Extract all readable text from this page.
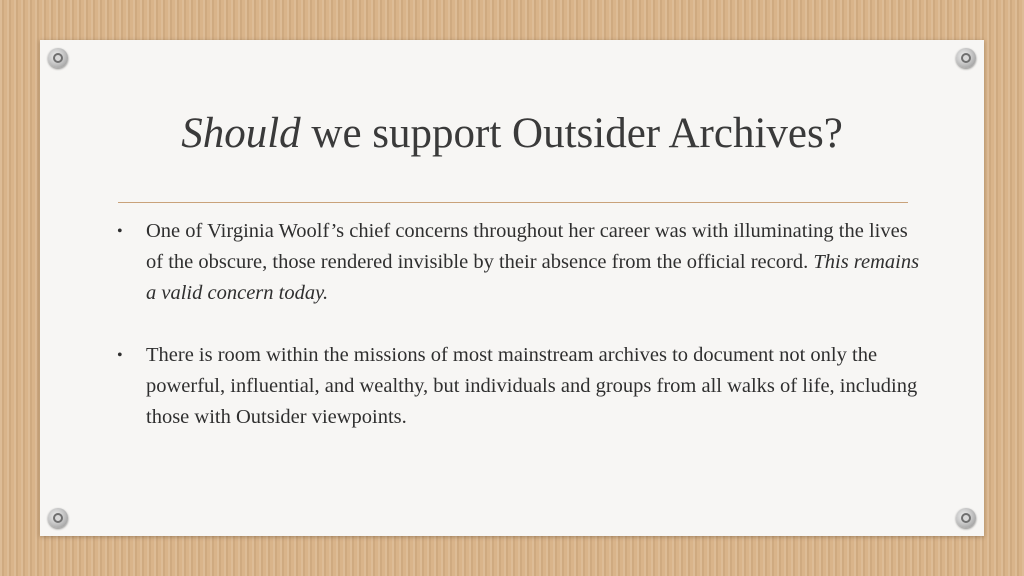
Should we support Outsider Archives?
• One of Virginia Woolf’s chief concerns throughout her career was with illuminating the lives of the obscure, those rendered invisible by their absence from the official record. This remains a valid concern today.
• There is room within the missions of most mainstream archives to document not only the powerful, influential, and wealthy, but individuals and groups from all walks of life, including those with Outsider viewpoints.
